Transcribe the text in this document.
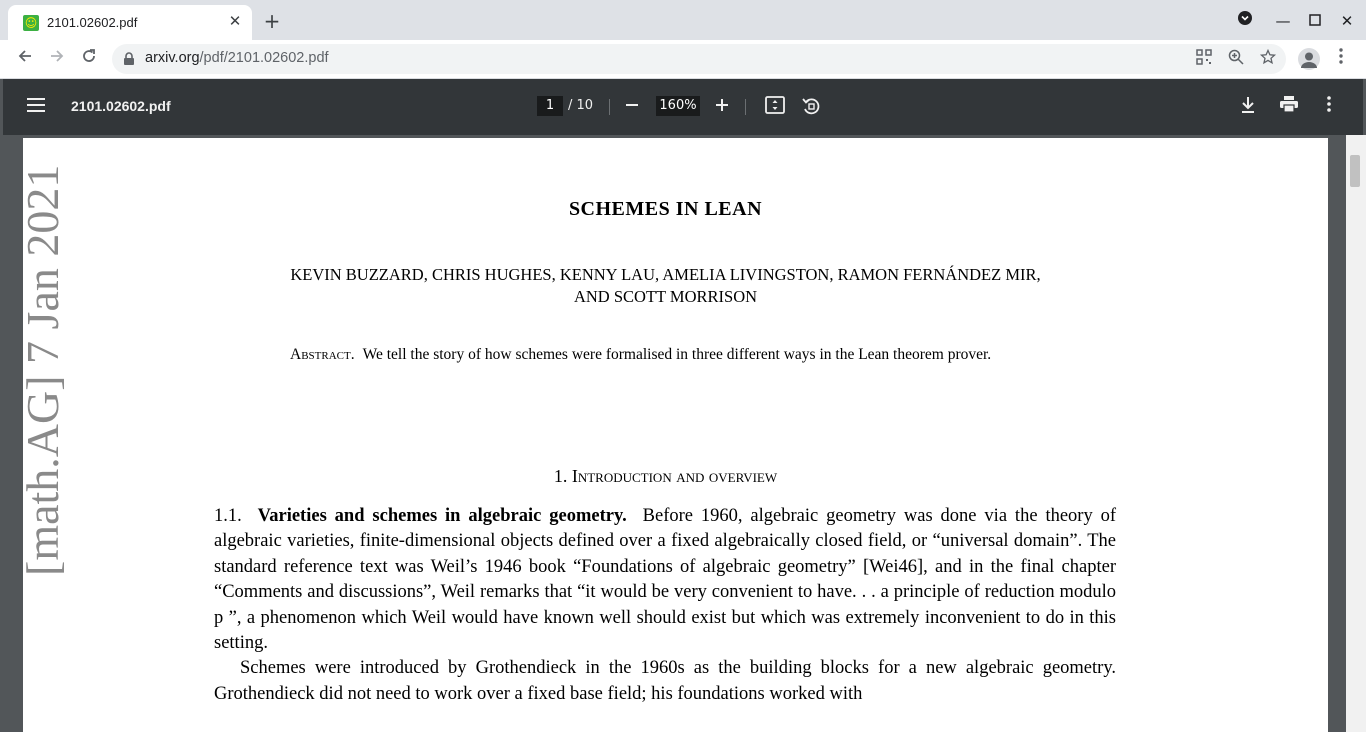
☺ 2101.02602.pdf	✕ +	—	✕
arxiv.org/pdf/2101.02602.pdf
2101.02602.pdf	1	/ 10	160%
[math.AG] 7 Jan 2021	SCHEMES IN LEAN
KEVIN BUZZARD, CHRIS HUGHES, KENNY LAU, AMELIA LIVINGSTON, RAMON FERNÁNDEZ MIR,
AND SCOTT MORRISON
Abstract. We tell the story of how schemes were formalised in three different ways in the Lean theorem prover.
1. Introduction and overview

1.1. Varieties and schemes in algebraic geometry. Before 1960, algebraic geometry was done via the theory of algebraic varieties, finite-dimensional objects defined over a fixed algebraically closed field, or “universal domain”. The standard reference text was Weil’s 1946 book “Foundations of algebraic geometry” [Wei46], and in the final chapter “Comments and discussions”, Weil remarks that “it would be very convenient to have. . . a principle of reduction modulo p ”, a phenomenon which Weil would have known well should exist but which was extremely inconvenient to do in this setting.

Schemes were introduced by Grothendieck in the 1960s as the building blocks for a new algebraic geometry. Grothendieck did not need to work over a fixed base field; his foundations worked with
